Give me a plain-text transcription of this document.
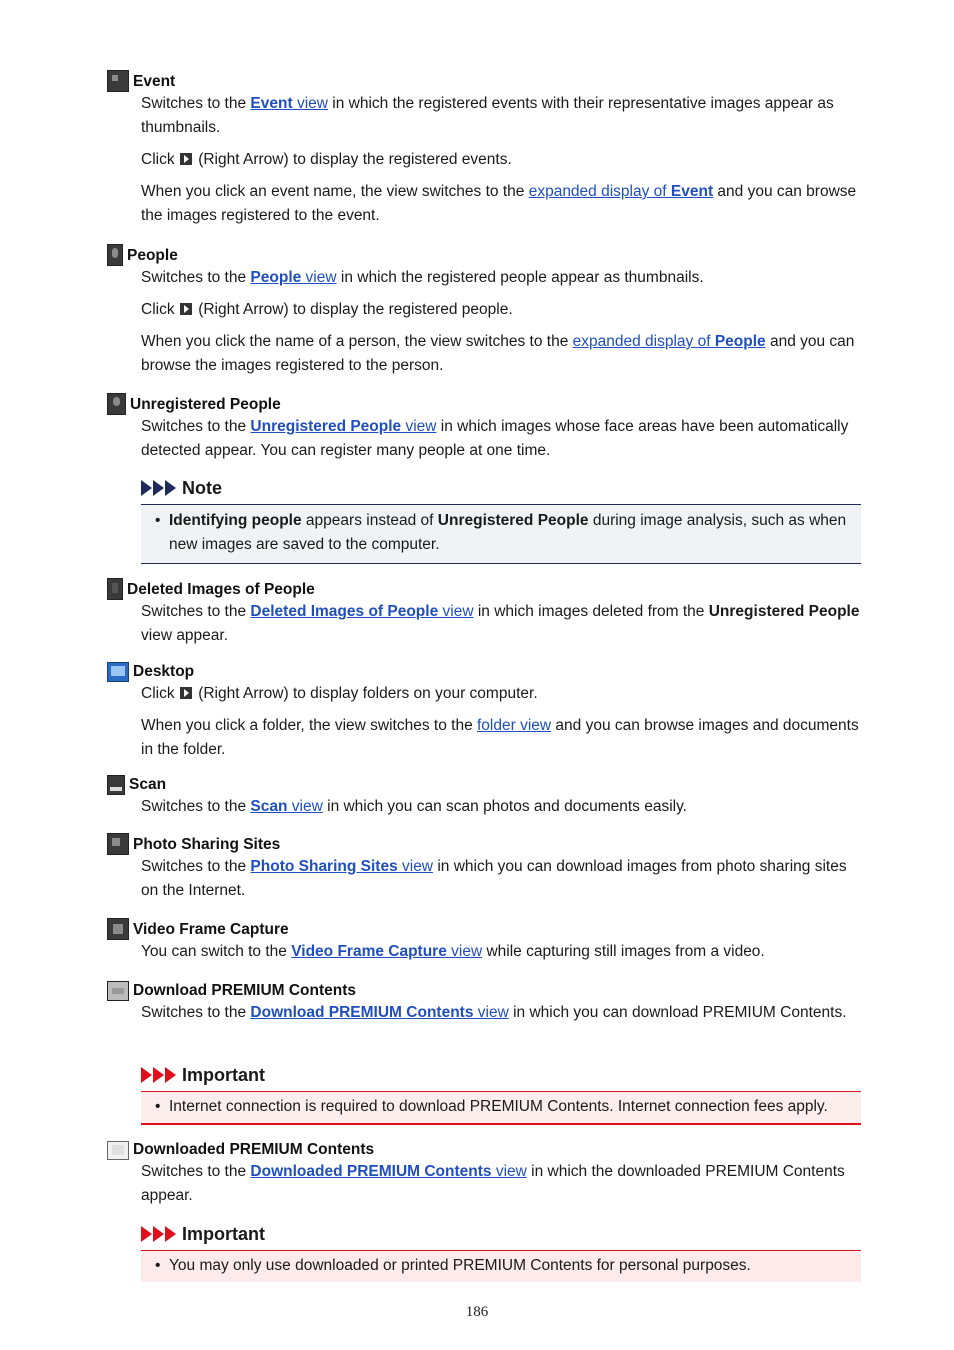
Event

Switches to the Event view in which the registered events with their representative images appear as thumbnails.

Click  (Right Arrow) to display the registered events.

When you click an event name, the view switches to the expanded display of Event and you can browse the images registered to the event.

People

Switches to the People view in which the registered people appear as thumbnails.

Click  (Right Arrow) to display the registered people.

When you click the name of a person, the view switches to the expanded display of People and you can browse the images registered to the person.

Unregistered People

Switches to the Unregistered People view in which images whose face areas have been automatically detected appear. You can register many people at one time.

Note
• Identifying people appears instead of Unregistered People during image analysis, such as when new images are saved to the computer.
Deleted Images of People

Switches to the Deleted Images of People view in which images deleted from the Unregistered People view appear.

Desktop

Click  (Right Arrow) to display folders on your computer.

When you click a folder, the view switches to the folder view and you can browse images and documents in the folder.

Scan

Switches to the Scan view in which you can scan photos and documents easily.

Photo Sharing Sites

Switches to the Photo Sharing Sites view in which you can download images from photo sharing sites on the Internet.

Video Frame Capture

You can switch to the Video Frame Capture view while capturing still images from a video.

Download PREMIUM Contents

Switches to the Download PREMIUM Contents view in which you can download PREMIUM Contents.

Important
• Internet connection is required to download PREMIUM Contents. Internet connection fees apply.
Downloaded PREMIUM Contents

Switches to the Downloaded PREMIUM Contents view in which the downloaded PREMIUM Contents appear.

Important
• You may only use downloaded or printed PREMIUM Contents for personal purposes.
186
